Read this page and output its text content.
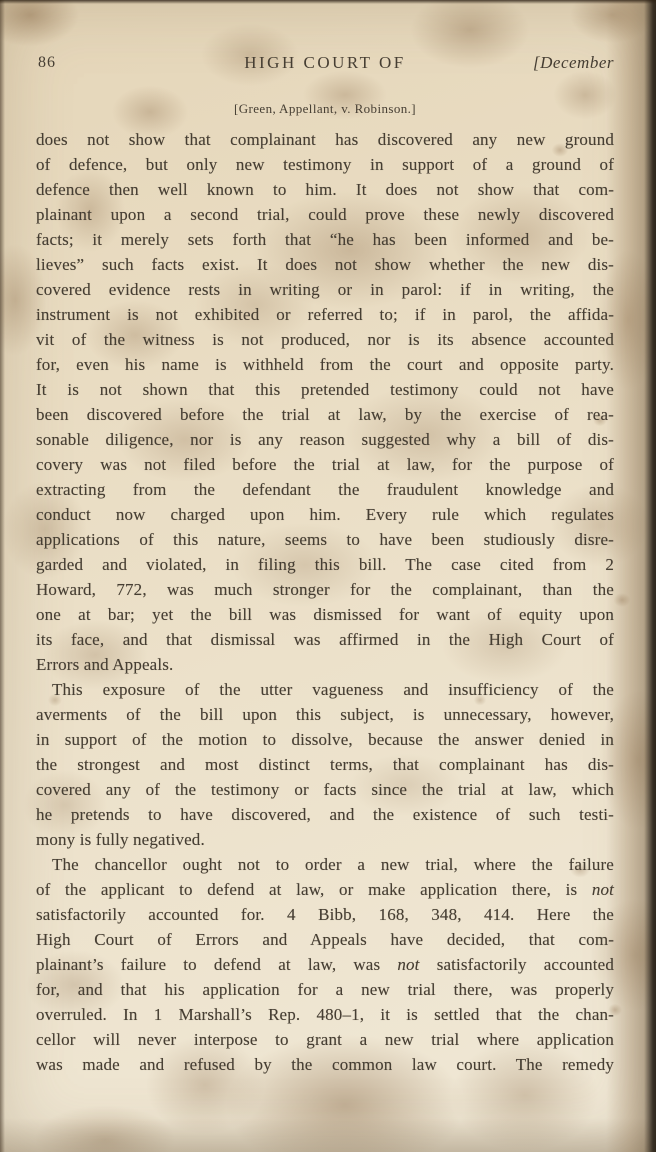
86	HIGH COURT OF	[December
[Green, Appellant, v. Robinson.]
does not show that complainant has discovered any new ground
of defence, but only new testimony in support of a ground of
defence then well known to him. It does not show that com-
plainant upon a second trial, could prove these newly discovered
facts; it merely sets forth that “he has been informed and be-
lieves” such facts exist. It does not show whether the new dis-
covered evidence rests in writing or in parol: if in writing, the
instrument is not exhibited or referred to; if in parol, the affida-
vit of the witness is not produced, nor is its absence accounted
for, even his name is withheld from the court and opposite party.
It is not shown that this pretended testimony could not have
been discovered before the trial at law, by the exercise of rea-
sonable diligence, nor is any reason suggested why a bill of dis-
covery was not filed before the trial at law, for the purpose of
extracting from the defendant the fraudulent knowledge and
conduct now charged upon him. Every rule which regulates
applications of this nature, seems to have been studiously disre-
garded and violated, in filing this bill. The case cited from 2
Howard, 772, was much stronger for the complainant, than the
one at bar; yet the bill was dismissed for want of equity upon
its face, and that dismissal was affirmed in the High Court of
Errors and Appeals.
This exposure of the utter vagueness and insufficiency of the
averments of the bill upon this subject, is unnecessary, however,
in support of the motion to dissolve, because the answer denied in
the strongest and most distinct terms, that complainant has dis-
covered any of the testimony or facts since the trial at law, which
he pretends to have discovered, and the existence of such testi-
mony is fully negatived.
The chancellor ought not to order a new trial, where the failure
of the applicant to defend at law, or make application there, is not
satisfactorily accounted for. 4 Bibb, 168, 348, 414. Here the
High Court of Errors and Appeals have decided, that com-
plainant’s failure to defend at law, was not satisfactorily accounted
for, and that his application for a new trial there, was properly
overruled. In 1 Marshall’s Rep. 480–1, it is settled that the chan-
cellor will never interpose to grant a new trial where application
was made and refused by the common law court. The remedy
